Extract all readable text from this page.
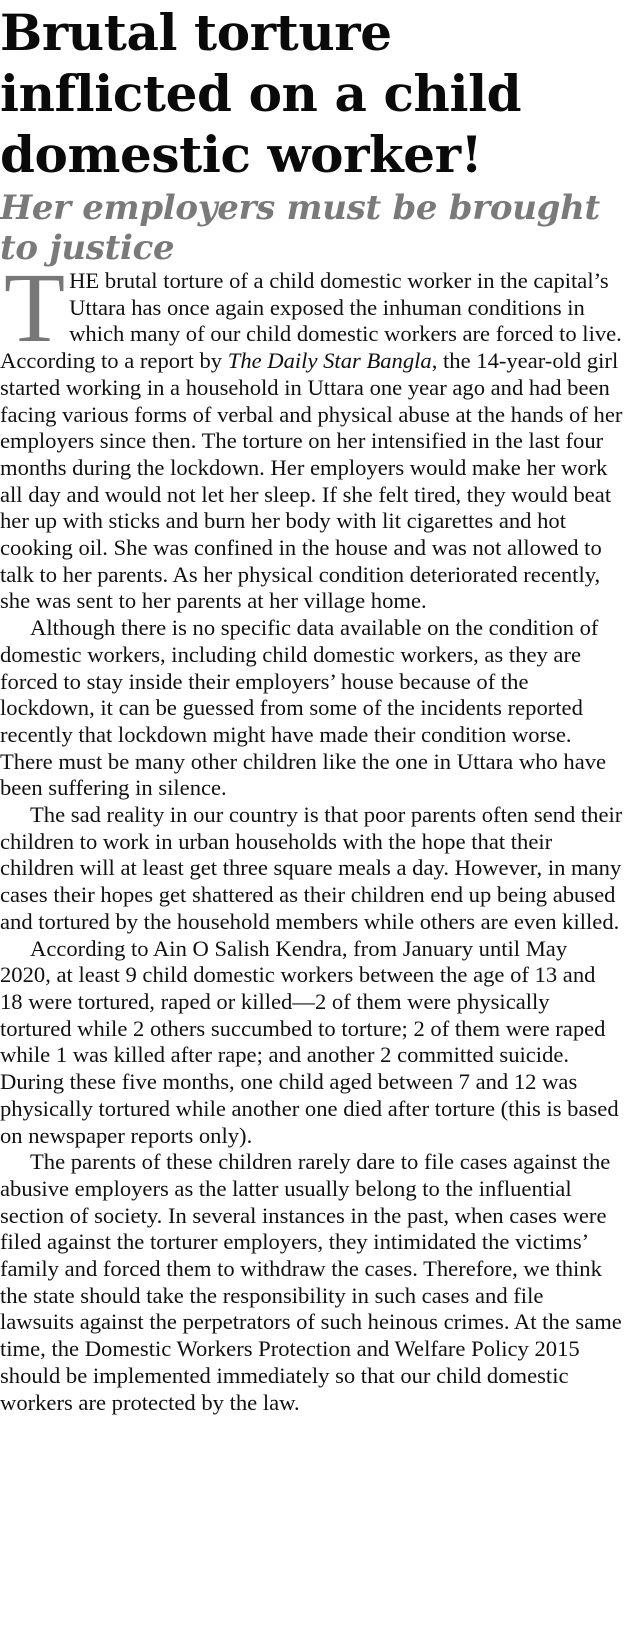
Brutal torture inflicted on a child domestic worker!
Her employers must be brought to justice

THE brutal torture of a child domestic worker in the capital’s Uttara has once again exposed the inhuman conditions in which many of our child domestic workers are forced to live. According to a report by The Daily Star Bangla, the 14-year-old girl started working in a household in Uttara one year ago and had been facing various forms of verbal and physical abuse at the hands of her employers since then. The torture on her intensified in the last four months during the lockdown. Her employers would make her work all day and would not let her sleep. If she felt tired, they would beat her up with sticks and burn her body with lit cigarettes and hot cooking oil. She was confined in the house and was not allowed to talk to her parents. As her physical condition deteriorated recently, she was sent to her parents at her village home.

Although there is no specific data available on the condition of domestic workers, including child domestic workers, as they are forced to stay inside their employers’ house because of the lockdown, it can be guessed from some of the incidents reported recently that lockdown might have made their condition worse. There must be many other children like the one in Uttara who have been suffering in silence.

The sad reality in our country is that poor parents often send their children to work in urban households with the hope that their children will at least get three square meals a day. However, in many cases their hopes get shattered as their children end up being abused and tortured by the household members while others are even killed.

According to Ain O Salish Kendra, from January until May 2020, at least 9 child domestic workers between the age of 13 and 18 were tortured, raped or killed—2 of them were physically tortured while 2 others succumbed to torture; 2 of them were raped while 1 was killed after rape; and another 2 committed suicide. During these five months, one child aged between 7 and 12 was physically tortured while another one died after torture (this is based on newspaper reports only).

The parents of these children rarely dare to file cases against the abusive employers as the latter usually belong to the influential section of society. In several instances in the past, when cases were filed against the torturer employers, they intimidated the victims’ family and forced them to withdraw the cases. Therefore, we think the state should take the responsibility in such cases and file lawsuits against the perpetrators of such heinous crimes. At the same time, the Domestic Workers Protection and Welfare Policy 2015 should be implemented immediately so that our child domestic workers are protected by the law.
